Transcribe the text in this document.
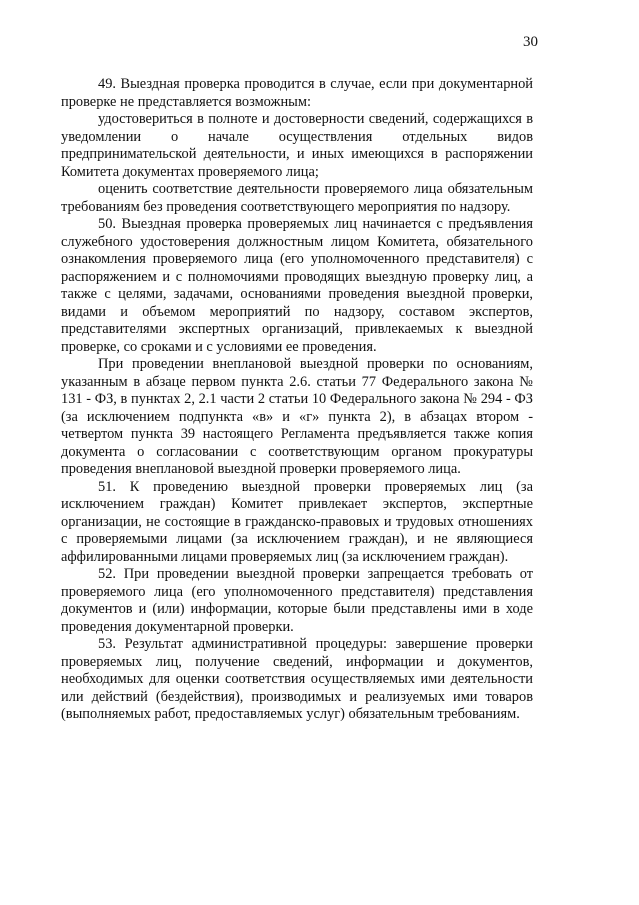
30

49. Выездная проверка проводится в случае, если при документарной проверке не представляется возможным:

удостовериться в полноте и достоверности сведений, содержащихся в уведомлении о начале осуществления отдельных видов предпринимательской деятельности, и иных имеющихся в распоряжении Комитета документах проверяемого лица;

оценить соответствие деятельности проверяемого лица обязательным требованиям без проведения соответствующего мероприятия по надзору.

50. Выездная проверка проверяемых лиц начинается с предъявления служебного удостоверения должностным лицом Комитета, обязательного ознакомления проверяемого лица (его уполномоченного представителя) с распоряжением и с полномочиями проводящих выездную проверку лиц, а также с целями, задачами, основаниями проведения выездной проверки, видами и объемом мероприятий по надзору, составом экспертов, представителями экспертных организаций, привлекаемых к выездной проверке, со сроками и с условиями ее проведения.

При проведении внеплановой выездной проверки по основаниям, указанным в абзаце первом пункта 2.6. статьи 77 Федерального закона № 131 - ФЗ, в пунктах 2, 2.1 части 2 статьи 10 Федерального закона № 294 - ФЗ (за исключением подпункта «в» и «г» пункта 2), в абзацах втором - четвертом пункта 39 настоящего Регламента предъявляется также копия документа о согласовании с соответствующим органом прокуратуры проведения внеплановой выездной проверки проверяемого лица.

51. К проведению выездной проверки проверяемых лиц (за исключением граждан) Комитет привлекает экспертов, экспертные организации, не состоящие в гражданско-правовых и трудовых отношениях с проверяемыми лицами (за исключением граждан), и не являющиеся аффилированными лицами проверяемых лиц (за исключением граждан).

52. При проведении выездной проверки запрещается требовать от проверяемого лица (его уполномоченного представителя) представления документов и (или) информации, которые были представлены ими в ходе проведения документарной проверки.

53. Результат административной процедуры: завершение проверки проверяемых лиц, получение сведений, информации и документов, необходимых для оценки соответствия осуществляемых ими деятельности или действий (бездействия), производимых и реализуемых ими товаров (выполняемых работ, предоставляемых услуг) обязательным требованиям.
